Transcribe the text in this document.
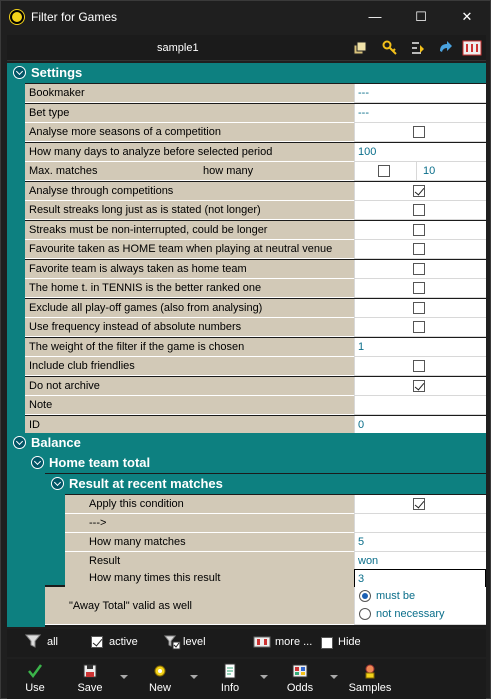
Filter for Games	—	☐	✕
sample1
Settings
Bookmaker	---
Bet type	---
Analyse more seasons of a competition
How many days to analyze before selected period	100
Max. matches	how many	10
Analyse through competitions
Result streaks long just as is stated (not longer)
Streaks must be non-interrupted, could be longer
Favourite taken as HOME team when playing at neutral venue
Favorite team is always taken as home team
The home t. in TENNIS is the better ranked one
Exclude all play-off games (also from analysing)
Use frequency instead of absolute numbers
The weight of the filter if the game is chosen	1
Include club friendlies
Do not archive
Note
ID	0
Balance
Home team total
Result at recent matches
Apply this condition
--->
How many matches	5
Result	won
How many times this result	3
"Away Total" valid as well
must be
not necessary
all	active	level	more ... Hide
Use	Save	New	Info	Odds	Samples
